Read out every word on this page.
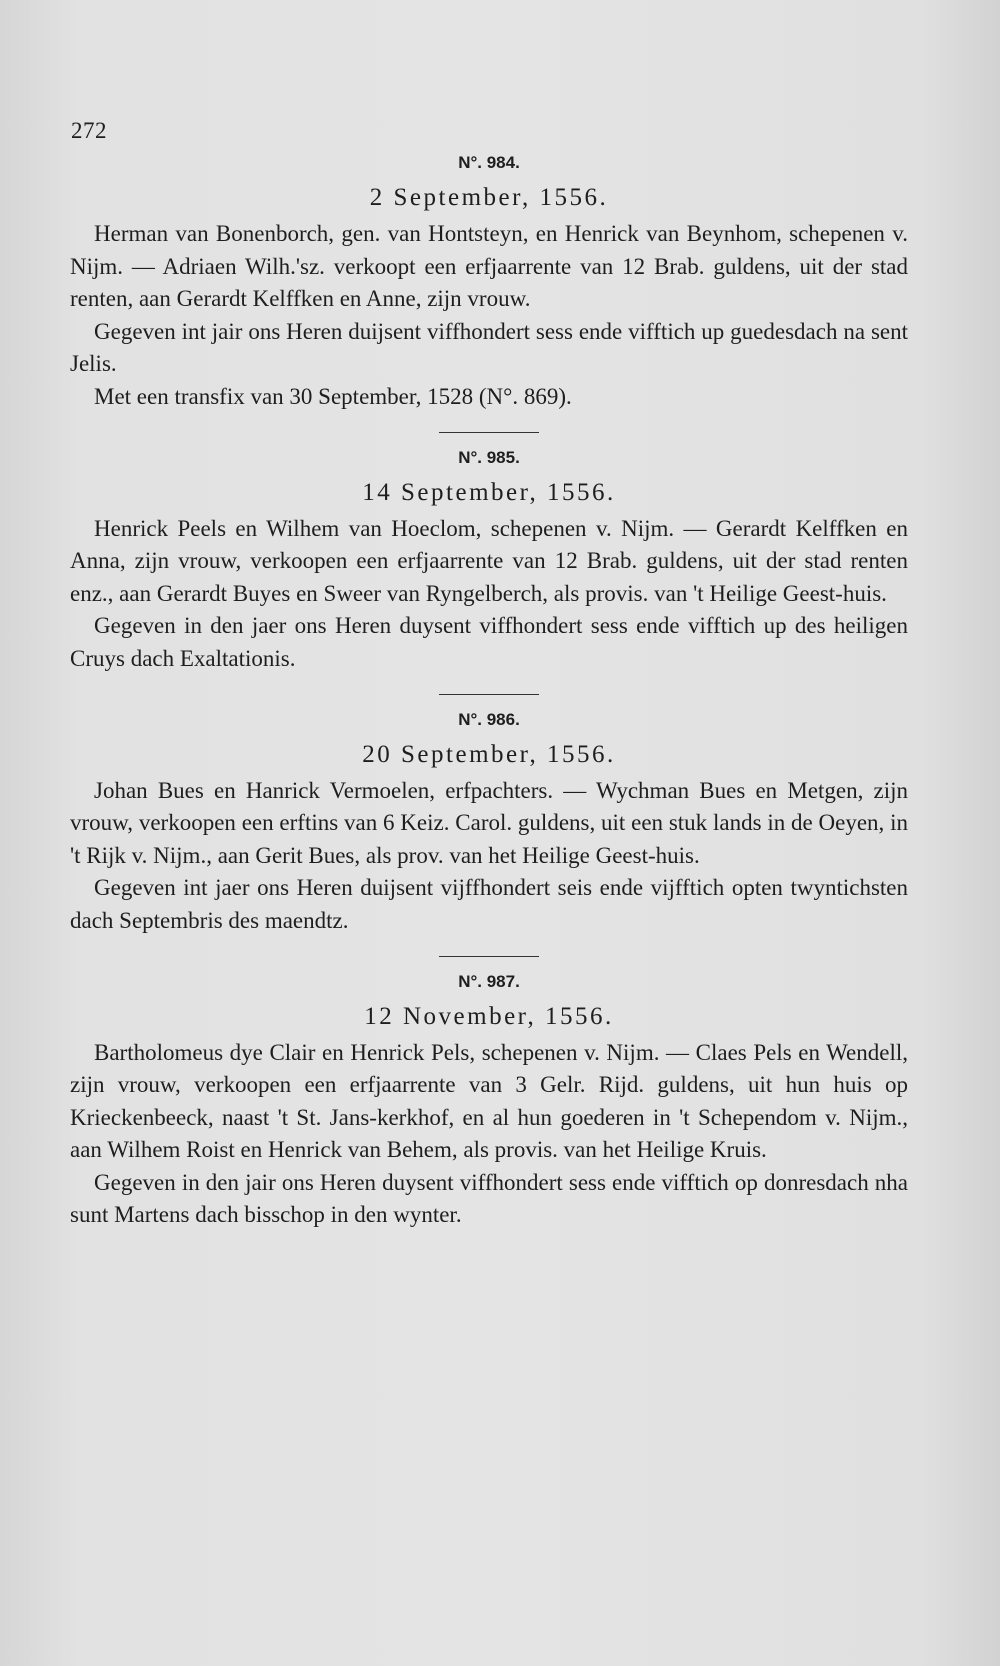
272
N°. 984.
2 September, 1556.

Herman van Bonenborch, gen. van Hontsteyn, en Henrick van Beynhom, schepenen v. Nijm. — Adriaen Wilh.'sz. verkoopt een erfjaarrente van 12 Brab. guldens, uit der stad renten, aan Gerardt Kelffken en Anne, zijn vrouw.

Gegeven int jair ons Heren duijsent viffhondert sess ende vifftich up guedesdach na sent Jelis.

Met een transfix van 30 September, 1528 (N°. 869).

N°. 985.
14 September, 1556.

Henrick Peels en Wilhem van Hoeclom, schepenen v. Nijm. — Gerardt Kelffken en Anna, zijn vrouw, verkoopen een erfjaarrente van 12 Brab. guldens, uit der stad renten enz., aan Gerardt Buyes en Sweer van Ryngelberch, als provis. van 't Heilige Geest-huis.

Gegeven in den jaer ons Heren duysent viffhondert sess ende vifftich up des heiligen Cruys dach Exaltationis.

N°. 986.
20 September, 1556.

Johan Bues en Hanrick Vermoelen, erfpachters. — Wychman Bues en Metgen, zijn vrouw, verkoopen een erftins van 6 Keiz. Carol. guldens, uit een stuk lands in de Oeyen, in 't Rijk v. Nijm., aan Gerit Bues, als prov. van het Heilige Geest-huis.

Gegeven int jaer ons Heren duijsent vijffhondert seis ende vijfftich opten twyntichsten dach Septembris des maendtz.

N°. 987.
12 November, 1556.

Bartholomeus dye Clair en Henrick Pels, schepenen v. Nijm. — Claes Pels en Wendell, zijn vrouw, verkoopen een erfjaarrente van 3 Gelr. Rijd. guldens, uit hun huis op Krieckenbeeck, naast 't St. Jans-kerkhof, en al hun goederen in 't Schependom v. Nijm., aan Wilhem Roist en Henrick van Behem, als provis. van het Heilige Kruis.

Gegeven in den jair ons Heren duysent viffhondert sess ende vifftich op donresdach nha sunt Martens dach bisschop in den wynter.
